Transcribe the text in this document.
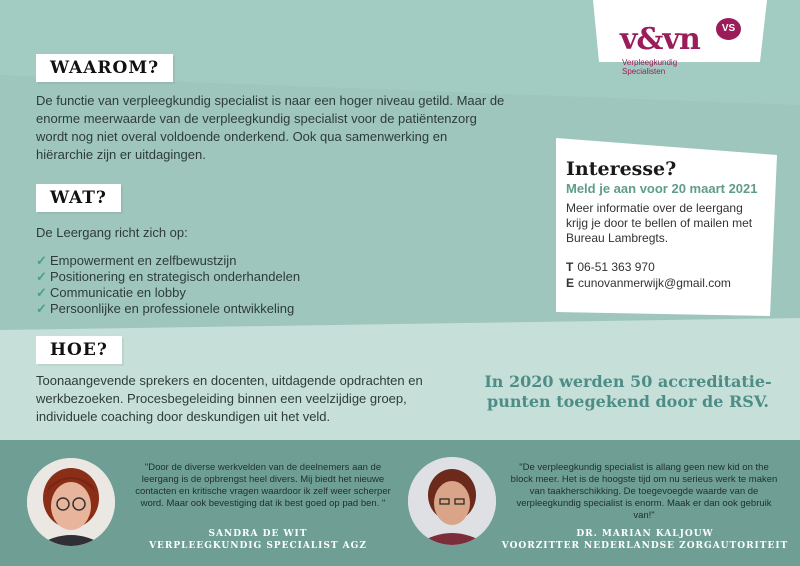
v&vn	VS
Verpleegkundig
Specialisten
WAAROM?
De functie van verpleegkundig specialist is naar een hoger niveau getild. Maar de enorme meerwaarde van de verpleegkundig specialist voor de patiëntenzorg wordt nog niet overal voldoende onderkend. Ook qua samenwerking en hiërarchie zijn er uitdagingen.
WAT?
De Leergang richt zich op:
✓ Empowerment en zelfbewustzijn
✓ Positionering en strategisch onderhandelen
✓ Communicatie en lobby
✓ Persoonlijke en professionele ontwikkeling
HOE?
Toonaangevende sprekers en docenten, uitdagende opdrachten en werkbezoeken. Procesbegeleiding binnen een veelzijdige groep, individuele coaching door deskundigen uit het veld.
Interesse?
Meld je aan voor 20 maart 2021
Meer informatie over de leergang krijg je door te bellen of mailen met Bureau Lambregts.
T 06-51 363 970
E cunovanmerwijk@gmail.com
In 2020 werden 50 accreditatie-
punten toegekend door de RSV.
"Door de diverse werkvelden van de deelnemers aan de leergang is de opbrengst heel divers. Mij biedt het nieuwe contacten en kritische vragen waardoor ik zelf weer scherper word. Maar ook bevestiging dat ik best goed op pad ben. "
SANDRA DE WIT
VERPLEEGKUNDIG SPECIALIST AGZ
"De verpleegkundig specialist is allang geen new kid on the block meer. Het is de hoogste tijd om nu serieus werk te maken van taakherschikking. De toegevoegde waarde van de verpleegkundig specialist is enorm. Maak er dan ook gebruik van!"
DR. MARIAN KALJOUW
VOORZITTER NEDERLANDSE ZORGAUTORITEIT
